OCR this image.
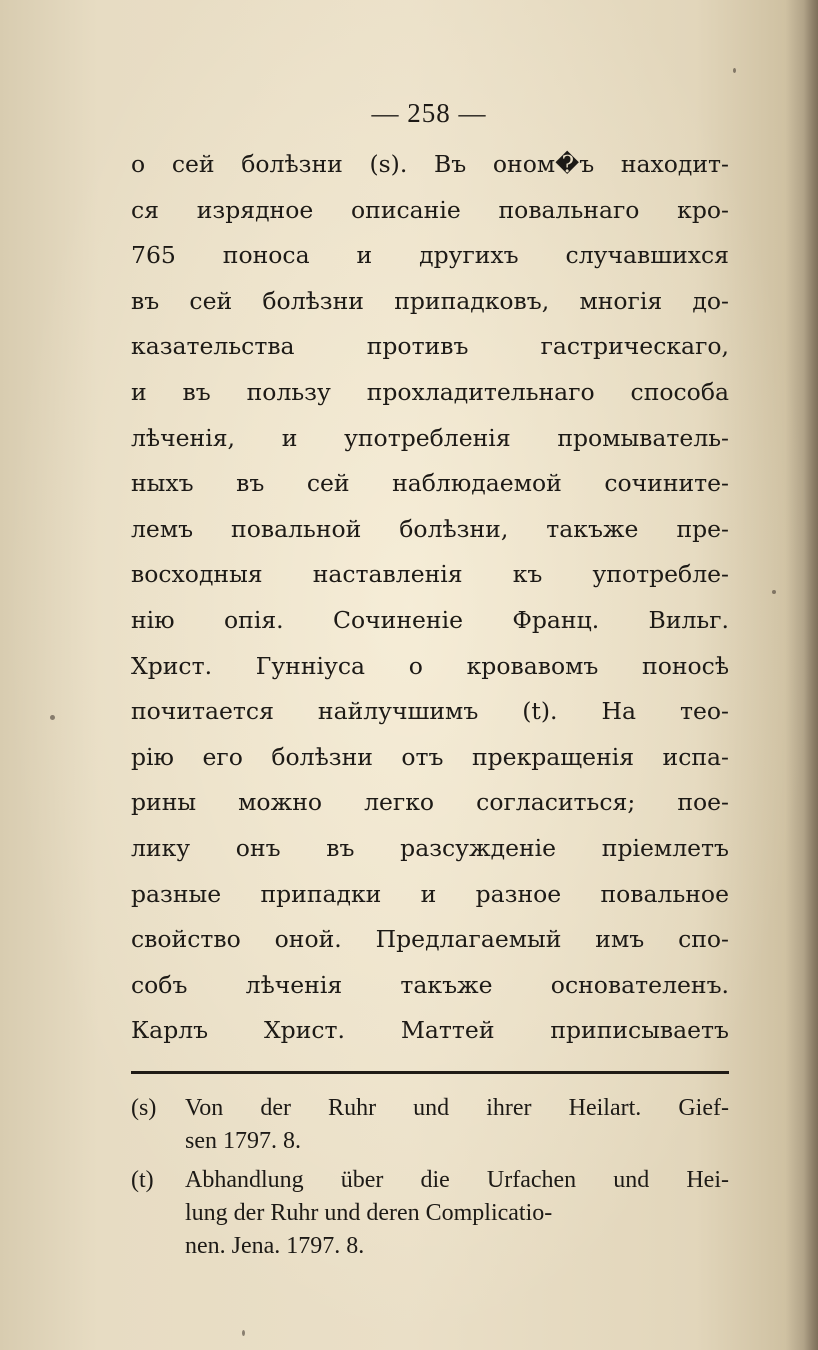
— 258 —
о сей болѣзни (s). Въ оном�ъ находит-
ся изрядное описанiе повальнаго кро-
765 поноса и другихъ случавшихся
въ сей болѣзни припадковъ, многiя до-
казательства противъ гастрическаго,
и въ пользу прохладительнаго способа
лѣченiя, и употребленiя промыватель-
ныхъ въ сей наблюдаемой сочините-
лемъ повальной болѣзни, такъже пре-
восходныя наставленiя къ употребле-
нiю опiя. Сочиненiе Франц. Вильг.
Христ. Гуннiуса о кровавомъ поносѣ
почитается найлучшимъ (t). На тео-
рiю его болѣзни отъ прекращенiя испа-
рины можно легко согласиться; пое-
лику онъ въ разсужденiе прiемлетъ
разные припадки и разное повальное
свойство оной. Предлагаемый имъ спо-
собъ лѣченiя такъже основателенъ.
Карлъ Христ. Маттей приписываетъ
(s) Von der Ruhr und ihrer Heilart. Gief-
sen 1797. 8.
(t) Abhandlung über die Urfachen und Hei-
lung der Ruhr und deren Complicatio-
nen. Jena. 1797. 8.
